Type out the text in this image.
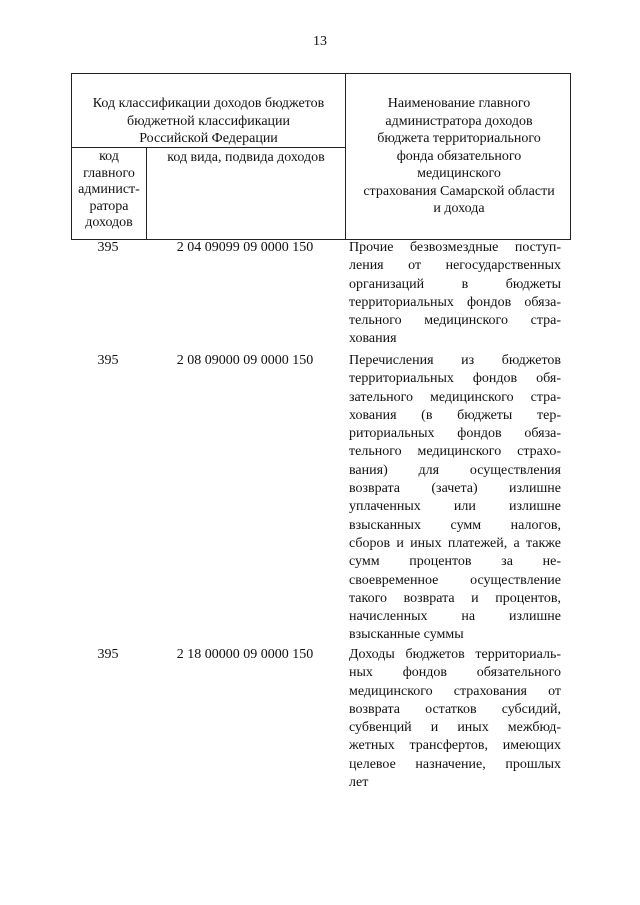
13
Код классификации доходов бюджетов
бюджетной классификации
Российской Федерации
код
главного
админист-
ратора
доходов
код вида, подвида доходов
Наименование главного
администратора доходов
бюджета территориального
фонда обязательного
медицинского
страхования Самарской области
и дохода
395	2 04 09099 09 0000 150	Прочие безвозмездные поступ-
ления от негосударственных
организаций в бюджеты
территориальных фондов обяза-
тельного медицинского стра-
хования
395	2 08 09000 09 0000 150	Перечисления из бюджетов
территориальных фондов обя-
зательного медицинского стра-
хования (в бюджеты тер-
риториальных фондов обяза-
тельного медицинского страхо-
вания) для осуществления
возврата (зачета) излишне
уплаченных или излишне
взысканных сумм налогов,
сборов и иных платежей, а также
сумм процентов за не-
своевременное осуществление
такого возврата и процентов,
начисленных на излишне
взысканные суммы
395	2 18 00000 09 0000 150	Доходы бюджетов территориаль-
ных фондов обязательного
медицинского страхования от
возврата остатков субсидий,
субвенций и иных межбюд-
жетных трансфертов, имеющих
целевое назначение, прошлых
лет
